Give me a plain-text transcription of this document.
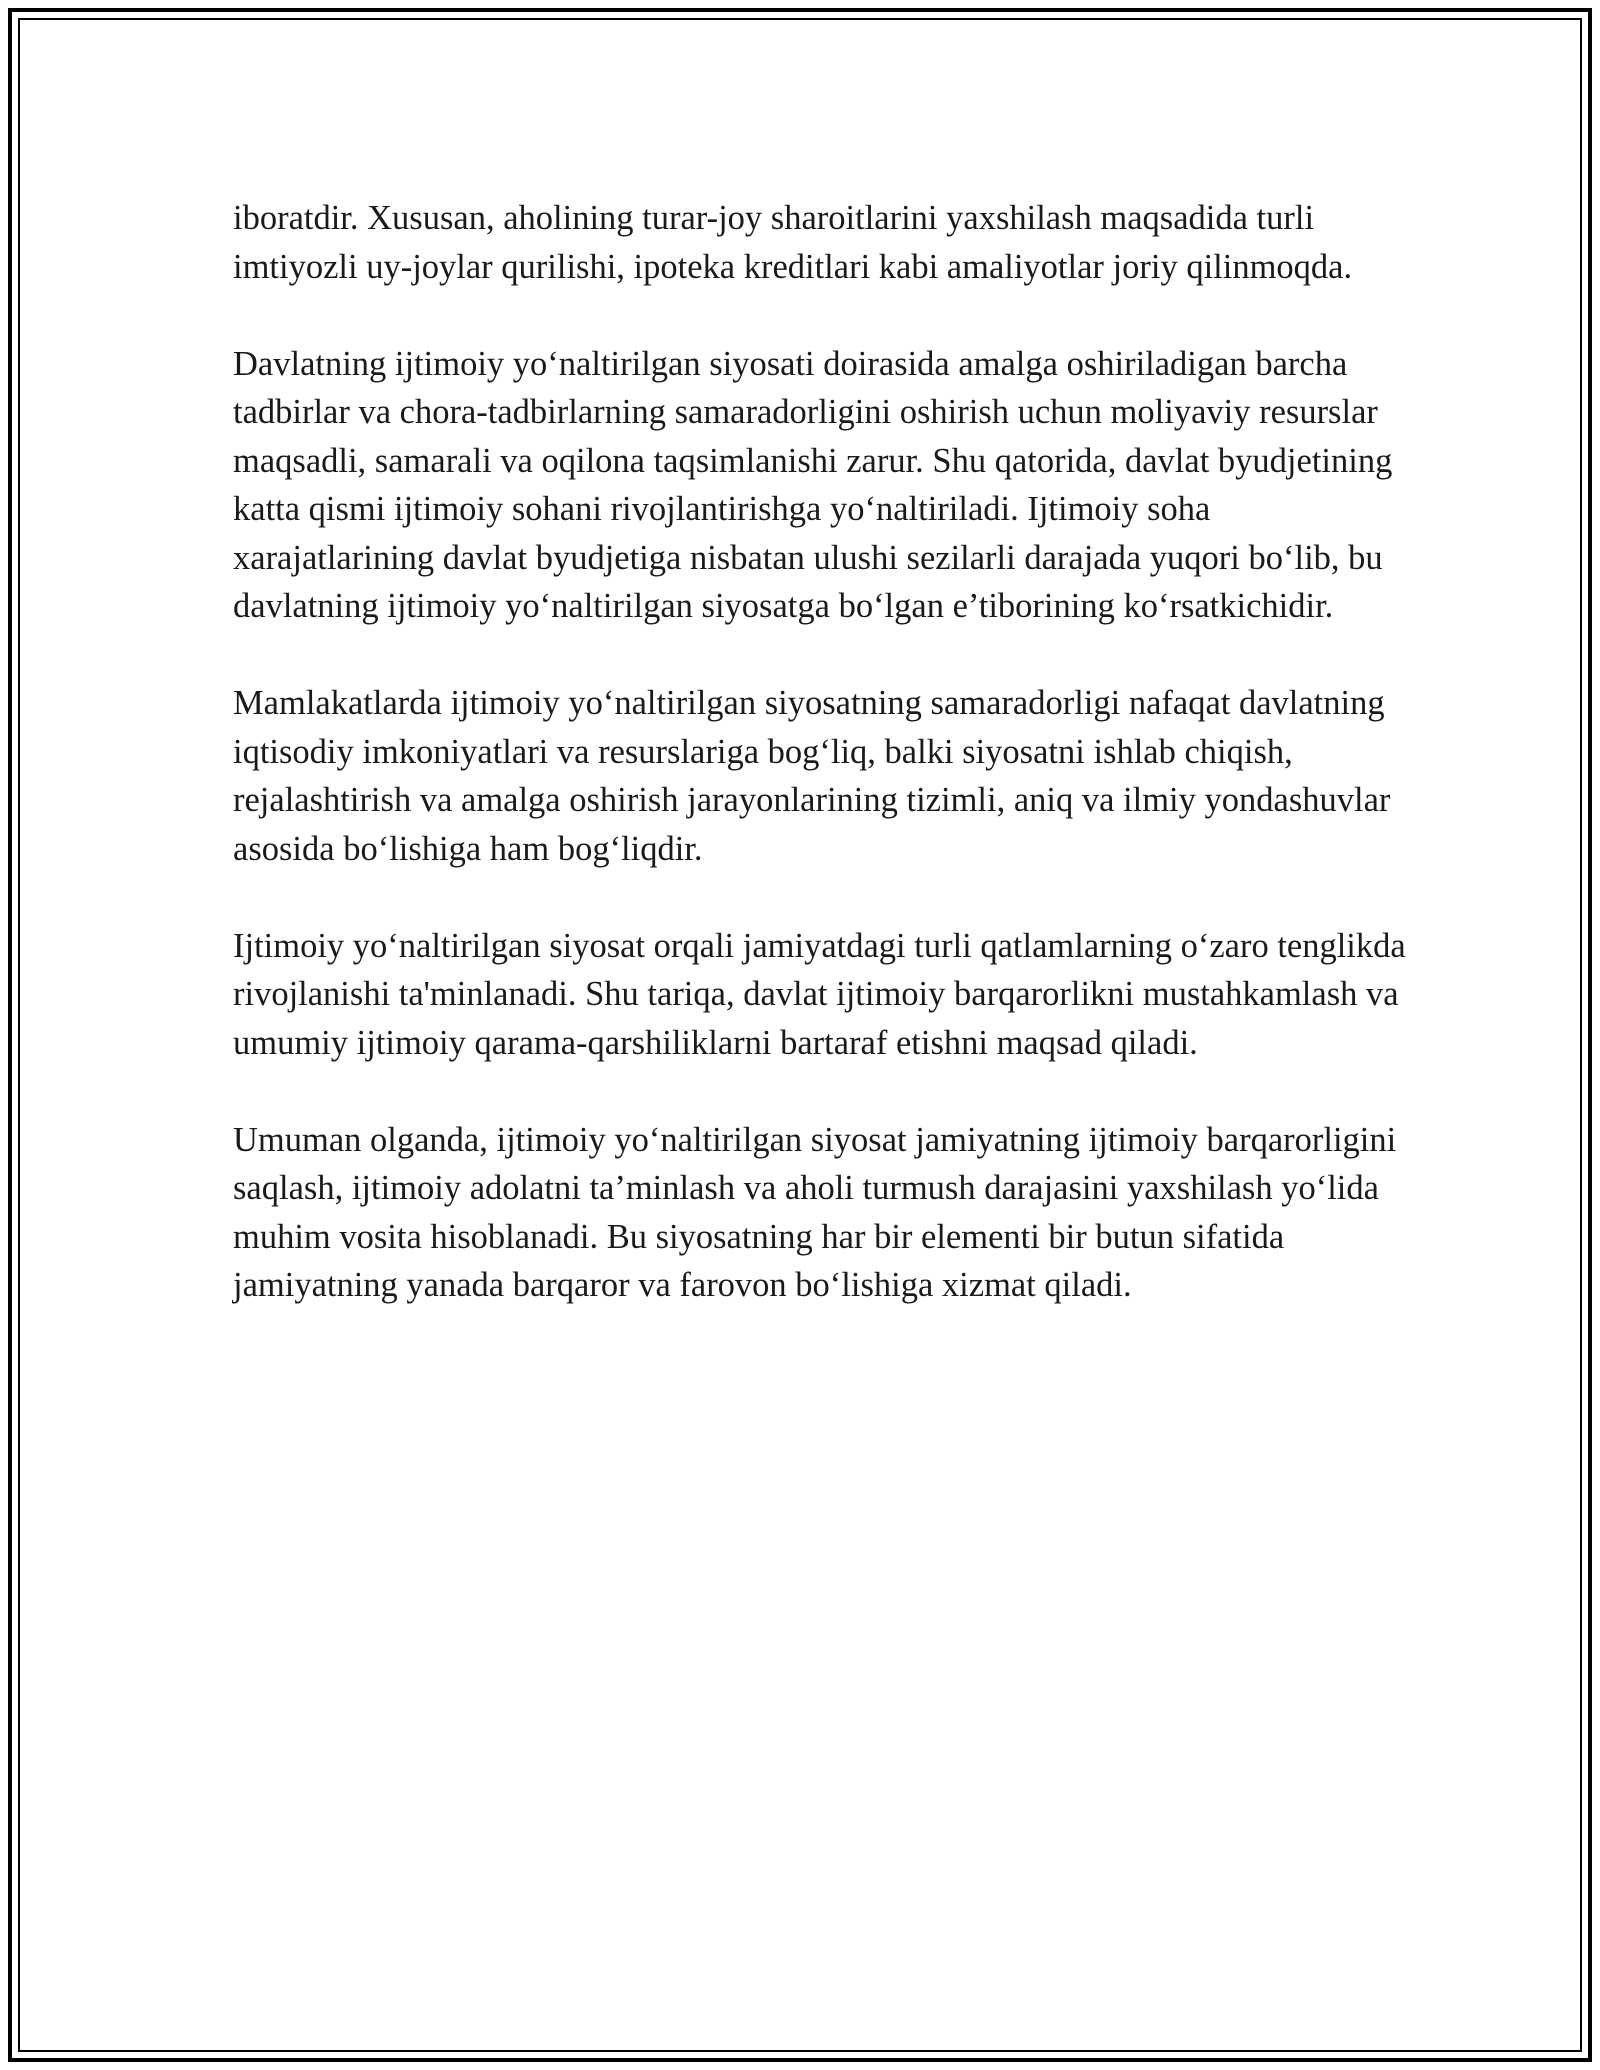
iboratdir. Xususan, aholining turar-joy sharoitlarini yaxshilash maqsadida turli imtiyozli uy-joylar qurilishi, ipoteka kreditlari kabi amaliyotlar joriy qilinmoqda.

Davlatning ijtimoiy yo‘naltirilgan siyosati doirasida amalga oshiriladigan barcha tadbirlar va chora-tadbirlarning samaradorligini oshirish uchun moliyaviy resurslar maqsadli, samarali va oqilona taqsimlanishi zarur. Shu qatorida, davlat byudjetining katta qismi ijtimoiy sohani rivojlantirishga yo‘naltiriladi. Ijtimoiy soha xarajatlarining davlat byudjetiga nisbatan ulushi sezilarli darajada yuqori bo‘lib, bu davlatning ijtimoiy yo‘naltirilgan siyosatga bo‘lgan e’tiborining ko‘rsatkichidir.

Mamlakatlarda ijtimoiy yo‘naltirilgan siyosatning samaradorligi nafaqat davlatning iqtisodiy imkoniyatlari va resurslariga bog‘liq, balki siyosatni ishlab chiqish, rejalashtirish va amalga oshirish jarayonlarining tizimli, aniq va ilmiy yondashuvlar asosida bo‘lishiga ham bog‘liqdir.

Ijtimoiy yo‘naltirilgan siyosat orqali jamiyatdagi turli qatlamlarning o‘zaro tenglikda rivojlanishi ta'minlanadi. Shu tariqa, davlat ijtimoiy barqarorlikni mustahkamlash va umumiy ijtimoiy qarama-qarshiliklarni bartaraf etishni maqsad qiladi.

Umuman olganda, ijtimoiy yo‘naltirilgan siyosat jamiyatning ijtimoiy barqarorligini saqlash, ijtimoiy adolatni ta’minlash va aholi turmush darajasini yaxshilash yo‘lida muhim vosita hisoblanadi. Bu siyosatning har bir elementi bir butun sifatida jamiyatning yanada barqaror va farovon bo‘lishiga xizmat qiladi.
